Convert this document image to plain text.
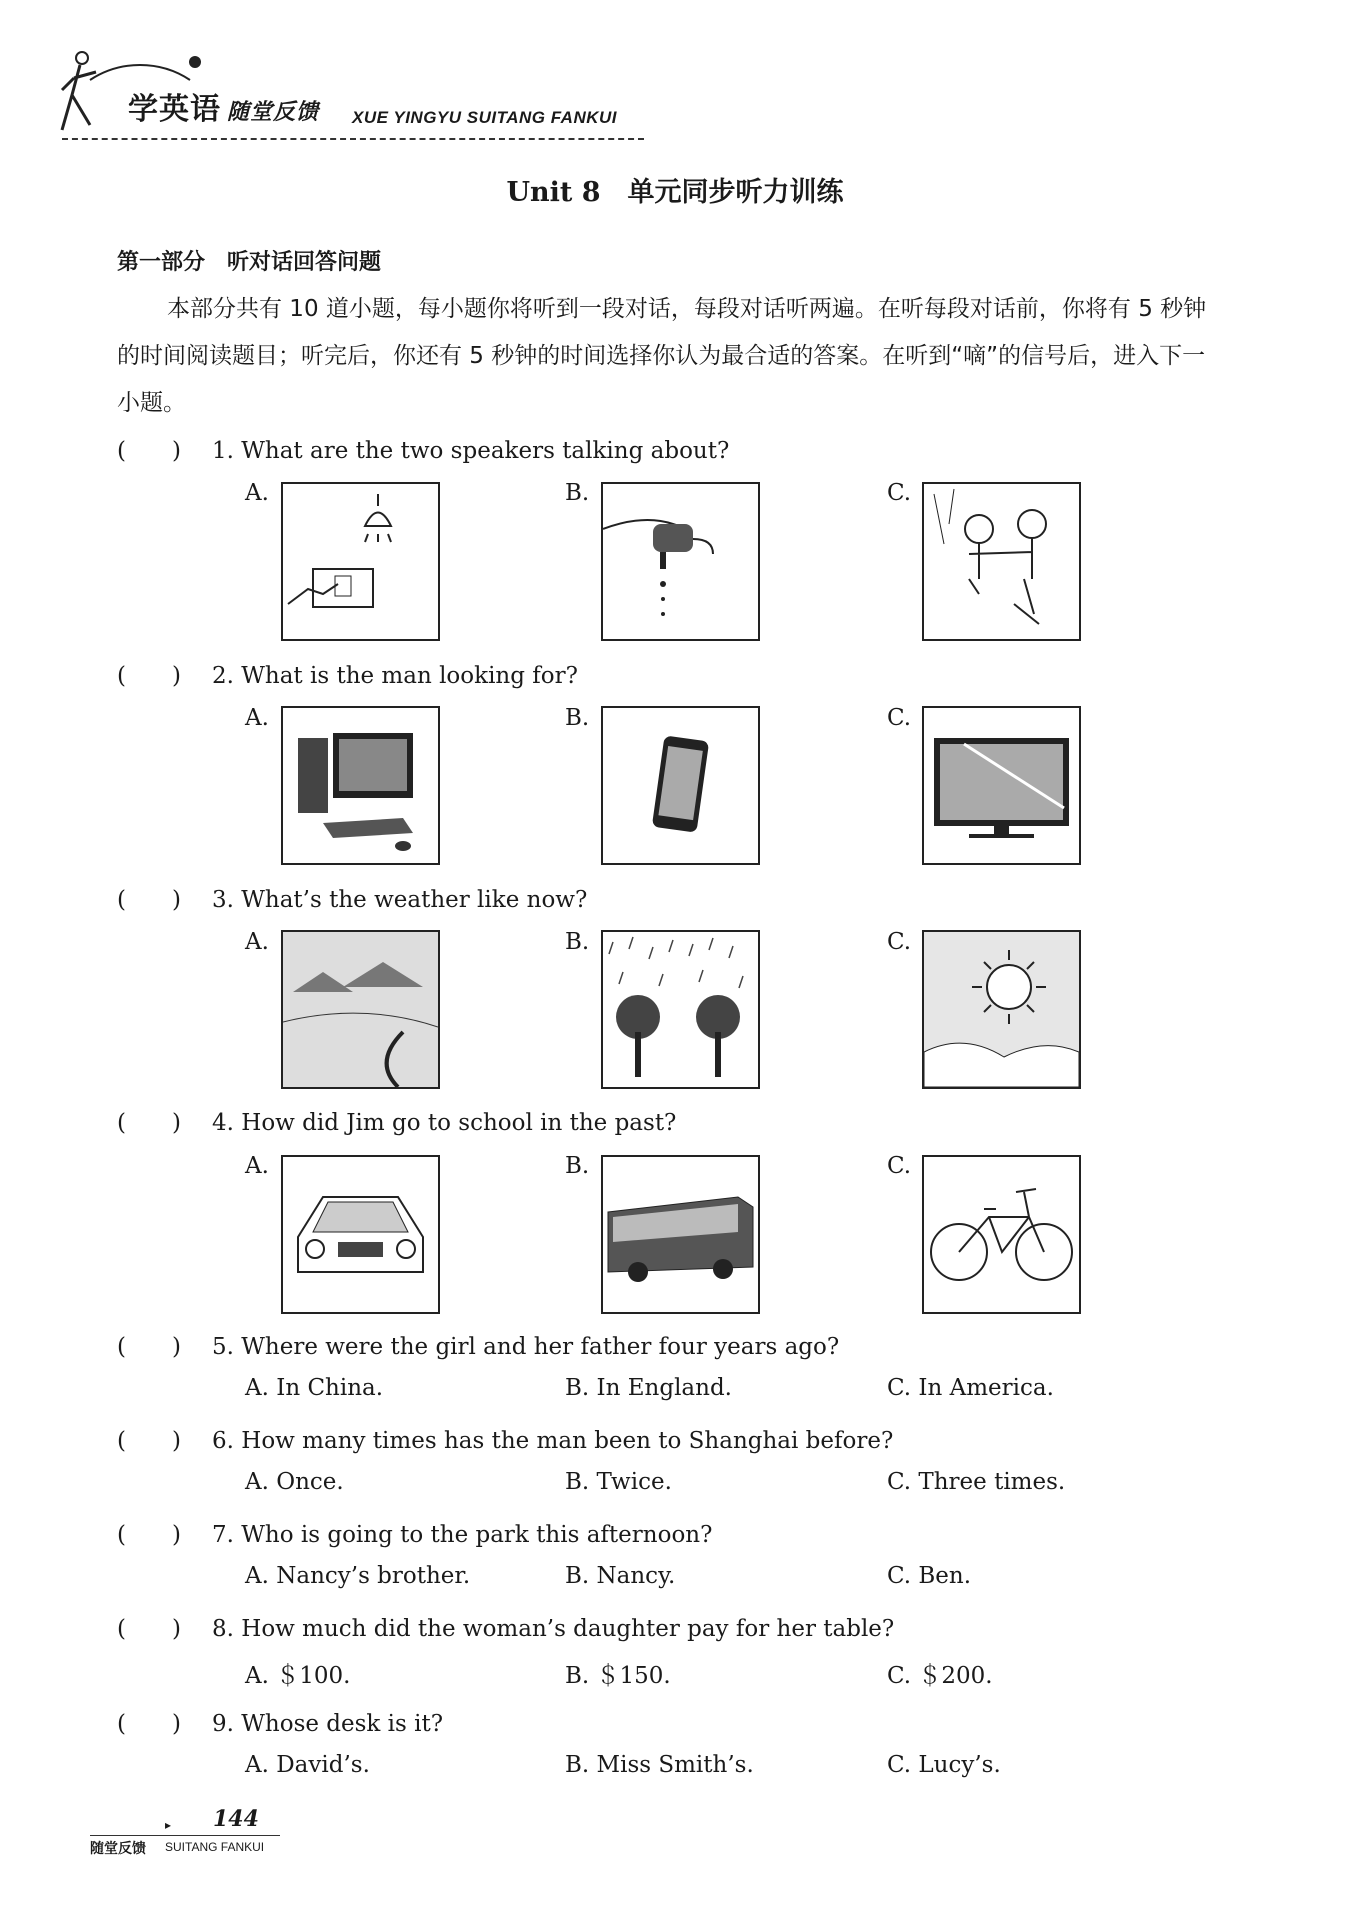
学英语 随堂反馈 XUE YINGYU SUITANG FANKUI
Unit 8　单元同步听力训练
第一部分　听对话回答问题
本部分共有 10 道小题，每小题你将听到一段对话，每段对话听两遍。在听每段对话前，你将有 5 秒钟的时间阅读题目；听完后，你还有 5 秒钟的时间选择你认为最合适的答案。在听到“嘀”的信号后，进入下一小题。
(　　) 1. What are the two speakers talking about?
A.	B.	C.
(　　) 2. What is the man looking for?
A.	B.	C.
(　　) 3. What’s the weather like now?
A.	B.	C.
(　　) 4. How did Jim go to school in the past?
A.	B.	C.
(　　) 5. Where were the girl and her father four years ago?
A. In China.	B. In England.	C. In America.
(　　) 6. How many times has the man been to Shanghai before?
A. Once.	B. Twice.	C. Three times.
(　　) 7. Who is going to the park this afternoon?
A. Nancy’s brother.	B. Nancy.	C. Ben.
(　　) 8. How much did the woman’s daughter pay for her table?
A. ＄100.	B. ＄150.	C. ＄200.
(　　) 9. Whose desk is it?
A. David’s.	B. Miss Smith’s.	C. Lucy’s.
▸ 144
随堂反馈 SUITANG FANKUI
